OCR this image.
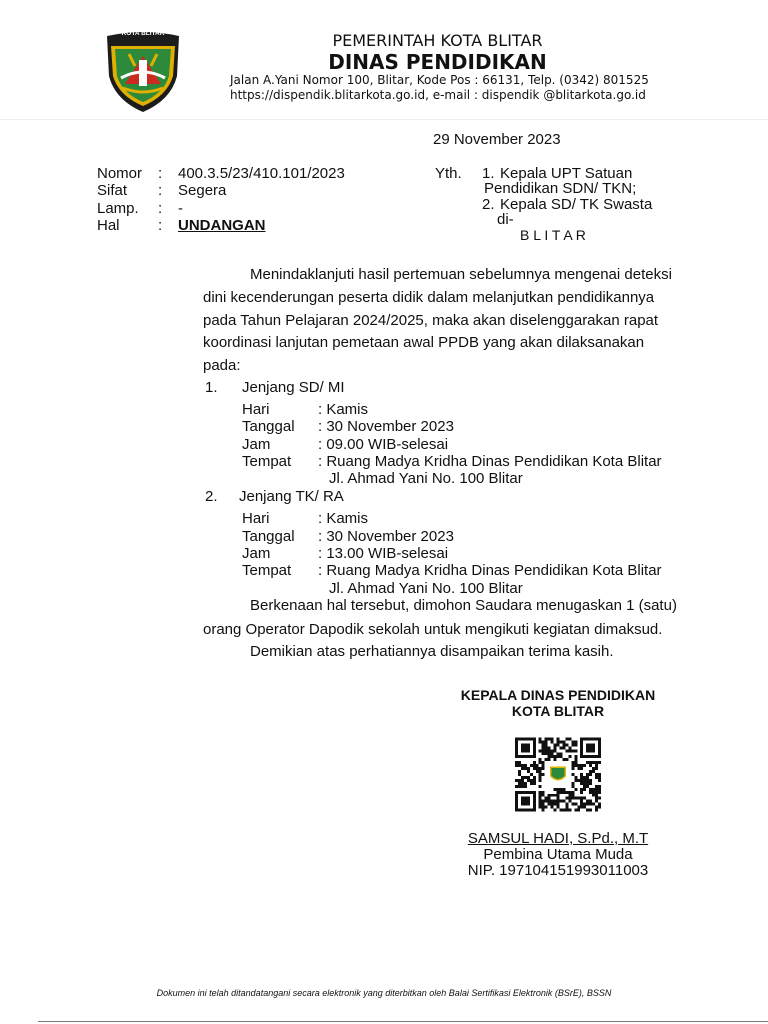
KOTA BLITAR	PEMERINTAH KOTA BLITAR
DINAS PENDIDIKAN
Jalan A.Yani Nomor 100, Blitar, Kode Pos : 66131, Telp. (0342) 801525
https://dispendik.blitarkota.go.id, e-mail : dispendik @blitarkota.go.id
29 November 2023
Nomor : 400.3.5/23/410.101/2023
Sifat : Segera
Lamp. : -
Hal	: UNDANGAN
Yth. 1. Kepala UPT Satuan
Pendidikan SDN/ TKN;
2. Kepala SD/ TK Swasta
di-
B L I T A R
Menindaklanjuti hasil pertemuan sebelumnya mengenai deteksi
dini kecenderungan peserta didik dalam melanjutkan pendidikannya
pada Tahun Pelajaran 2024/2025, maka akan diselenggarakan rapat
koordinasi lanjutan pemetaan awal PPDB yang akan dilaksanakan
pada:
1. Jenjang SD/ MI
Hari	: Kamis
Tanggal : 30 November 2023
Jam	: 09.00 WIB-selesai
Tempat : Ruang Madya Kridha Dinas Pendidikan Kota Blitar
Jl. Ahmad Yani No. 100 Blitar
2. Jenjang TK/ RA
Hari	: Kamis
Tanggal : 30 November 2023
Jam	: 13.00 WIB-selesai
Tempat : Ruang Madya Kridha Dinas Pendidikan Kota Blitar
Jl. Ahmad Yani No. 100 Blitar
Berkenaan hal tersebut, dimohon Saudara menugaskan 1 (satu)
orang Operator Dapodik sekolah untuk mengikuti kegiatan dimaksud.
Demikian atas perhatiannya disampaikan terima kasih.
KEPALA DINAS PENDIDIKAN
KOTA BLITAR
SAMSUL HADI, S.Pd., M.T
Pembina Utama Muda
NIP. 197104151993011003
Dokumen ini telah ditandatangani secara elektronik yang diterbitkan oleh Balai Sertifikasi Elektronik (BSrE), BSSN
